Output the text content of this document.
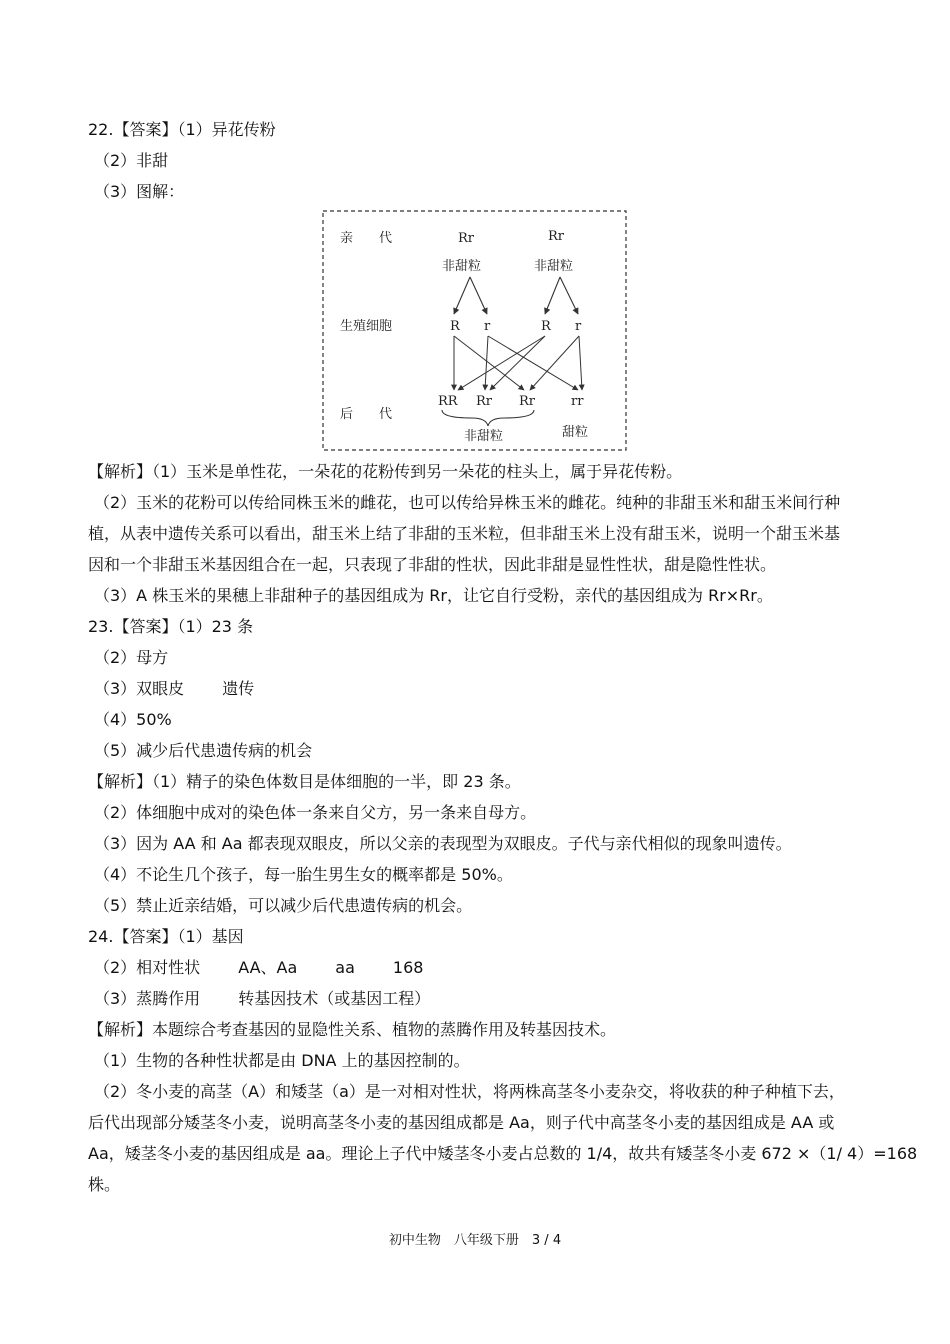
22.【答案】（1）异花传粉
（2）非甜
（3）图解：
亲　　代
生殖细胞
后　　代
Rr	Rr
非甜粒	非甜粒
R r	R r
RR Rr Rr	rr
非甜粒	甜粒
【解析】（1）玉米是单性花，一朵花的花粉传到另一朵花的柱头上，属于异花传粉。
（2）玉米的花粉可以传给同株玉米的雌花，也可以传给异株玉米的雌花。纯种的非甜玉米和甜玉米间行种
植，从表中遗传关系可以看出，甜玉米上结了非甜的玉米粒，但非甜玉米上没有甜玉米，说明一个甜玉米基
因和一个非甜玉米基因组合在一起，只表现了非甜的性状，因此非甜是显性性状，甜是隐性性状。
（3）A 株玉米的果穗上非甜种子的基因组成为 Rr，让它自行受粉，亲代的基因组成为 Rr×Rr。
23.【答案】（1）23 条
（2）母方
（3）双眼皮 遗传
（4）50%
（5）减少后代患遗传病的机会
【解析】（1）精子的染色体数目是体细胞的一半，即 23 条。
（2）体细胞中成对的染色体一条来自父方，另一条来自母方。
（3）因为 AA 和 Aa 都表现双眼皮，所以父亲的表现型为双眼皮。子代与亲代相似的现象叫遗传。
（4）不论生几个孩子，每一胎生男生女的概率都是 50%。
（5）禁止近亲结婚，可以减少后代患遗传病的机会。
24.【答案】（1）基因
（2）相对性状 AA、Aa aa 168
（3）蒸腾作用 转基因技术（或基因工程）
【解析】本题综合考查基因的显隐性关系、植物的蒸腾作用及转基因技术。
（1）生物的各种性状都是由 DNA 上的基因控制的。
（2）冬小麦的高茎（A）和矮茎（a）是一对相对性状，将两株高茎冬小麦杂交，将收获的种子种植下去，
后代出现部分矮茎冬小麦，说明高茎冬小麦的基因组成都是 Aa，则子代中高茎冬小麦的基因组成是 AA 或
Aa，矮茎冬小麦的基因组成是 aa。理论上子代中矮茎冬小麦占总数的 1/4，故共有矮茎冬小麦 672 ×（1/ 4）=168
株。
初中生物　八年级下册　3 / 4
